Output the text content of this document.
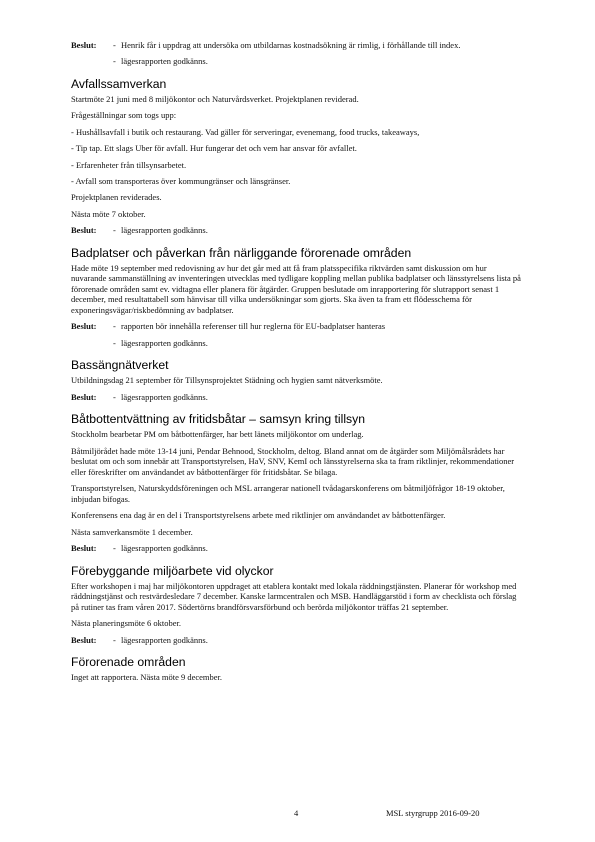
Beslut:	- Henrik får i uppdrag att undersöka om utbildarnas kostnadsökning är rimlig, i förhållande till index.
- lägesrapporten godkänns.
Avfallssamverkan

Startmöte 21 juni med 8 miljökontor och Naturvårdsverket. Projektplanen reviderad.

Frågeställningar som togs upp:

- Hushållsavfall i butik och restaurang. Vad gäller för serveringar, evenemang, food trucks, takeaways,

- Tip tap. Ett slags Uber för avfall. Hur fungerar det och vem har ansvar för avfallet.

- Erfarenheter från tillsynsarbetet.

- Avfall som transporteras över kommungränser och länsgränser.

Projektplanen reviderades.

Nästa möte 7 oktober.

Beslut:	- lägesrapporten godkänns.
Badplatser och påverkan från närliggande förorenade områden

Hade möte 19 september med redovisning av hur det går med att få fram platsspecifika riktvärden samt diskussion om hur nuvarande sammanställning av inventeringen utvecklas med tydligare koppling mellan publika badplatser och länsstyrelsens lista på förorenade områden samt ev. vidtagna eller planera för åtgärder. Gruppen beslutade om inrapportering för slutrapport senast 1 december, med resultattabell som hänvisar till vilka undersökningar som gjorts. Ska även ta fram ett flödesschema för exponeringsvägar/riskbedömning av badplatser.

Beslut:	- rapporten bör innehålla referenser till hur reglerna för EU-badplatser hanteras
- lägesrapporten godkänns.
Bassängnätverket

Utbildningsdag 21 september för Tillsynsprojektet Städning och hygien samt nätverksmöte.

Beslut:	- lägesrapporten godkänns.
Båtbottentvättning av fritidsbåtar – samsyn kring tillsyn

Stockholm bearbetar PM om båtbottenfärger, har bett länets miljökontor om underlag.

Båtmiljörådet hade möte 13-14 juni, Pendar Behnood, Stockholm, deltog. Bland annat om de åtgärder som Miljömålsrådets har beslutat om och som innebär att Transportstyrelsen, HaV, SNV, KemI och länsstyrelserna ska ta fram riktlinjer, rekommendationer eller föreskrifter om användandet av båtbottenfärger för fritidsbåtar. Se bilaga.

Transportstyrelsen, Naturskyddsföreningen och MSL arrangerar nationell tvådagarskonferens om båtmiljöfrågor 18-19 oktober, inbjudan bifogas.

Konferensens ena dag är en del i Transportstyrelsens arbete med riktlinjer om användandet av båtbottenfärger.

Nästa samverkansmöte 1 december.

Beslut:	- lägesrapporten godkänns.
Förebyggande miljöarbete vid olyckor

Efter workshopen i maj har miljökontoren uppdraget att etablera kontakt med lokala räddningstjänsten. Planerar för workshop med räddningstjänst och restvärdesledare 7 december. Kanske larmcentralen och MSB. Handläggarstöd i form av checklista och förslag på rutiner tas fram våren 2017. Södertörns brandförsvarsförbund och berörda miljökontor träffas 21 september.

Nästa planeringsmöte 6 oktober.

Beslut:	- lägesrapporten godkänns.
Förorenade områden

Inget att rapportera. Nästa möte 9 december.

4	MSL styrgrupp 2016-09-20
